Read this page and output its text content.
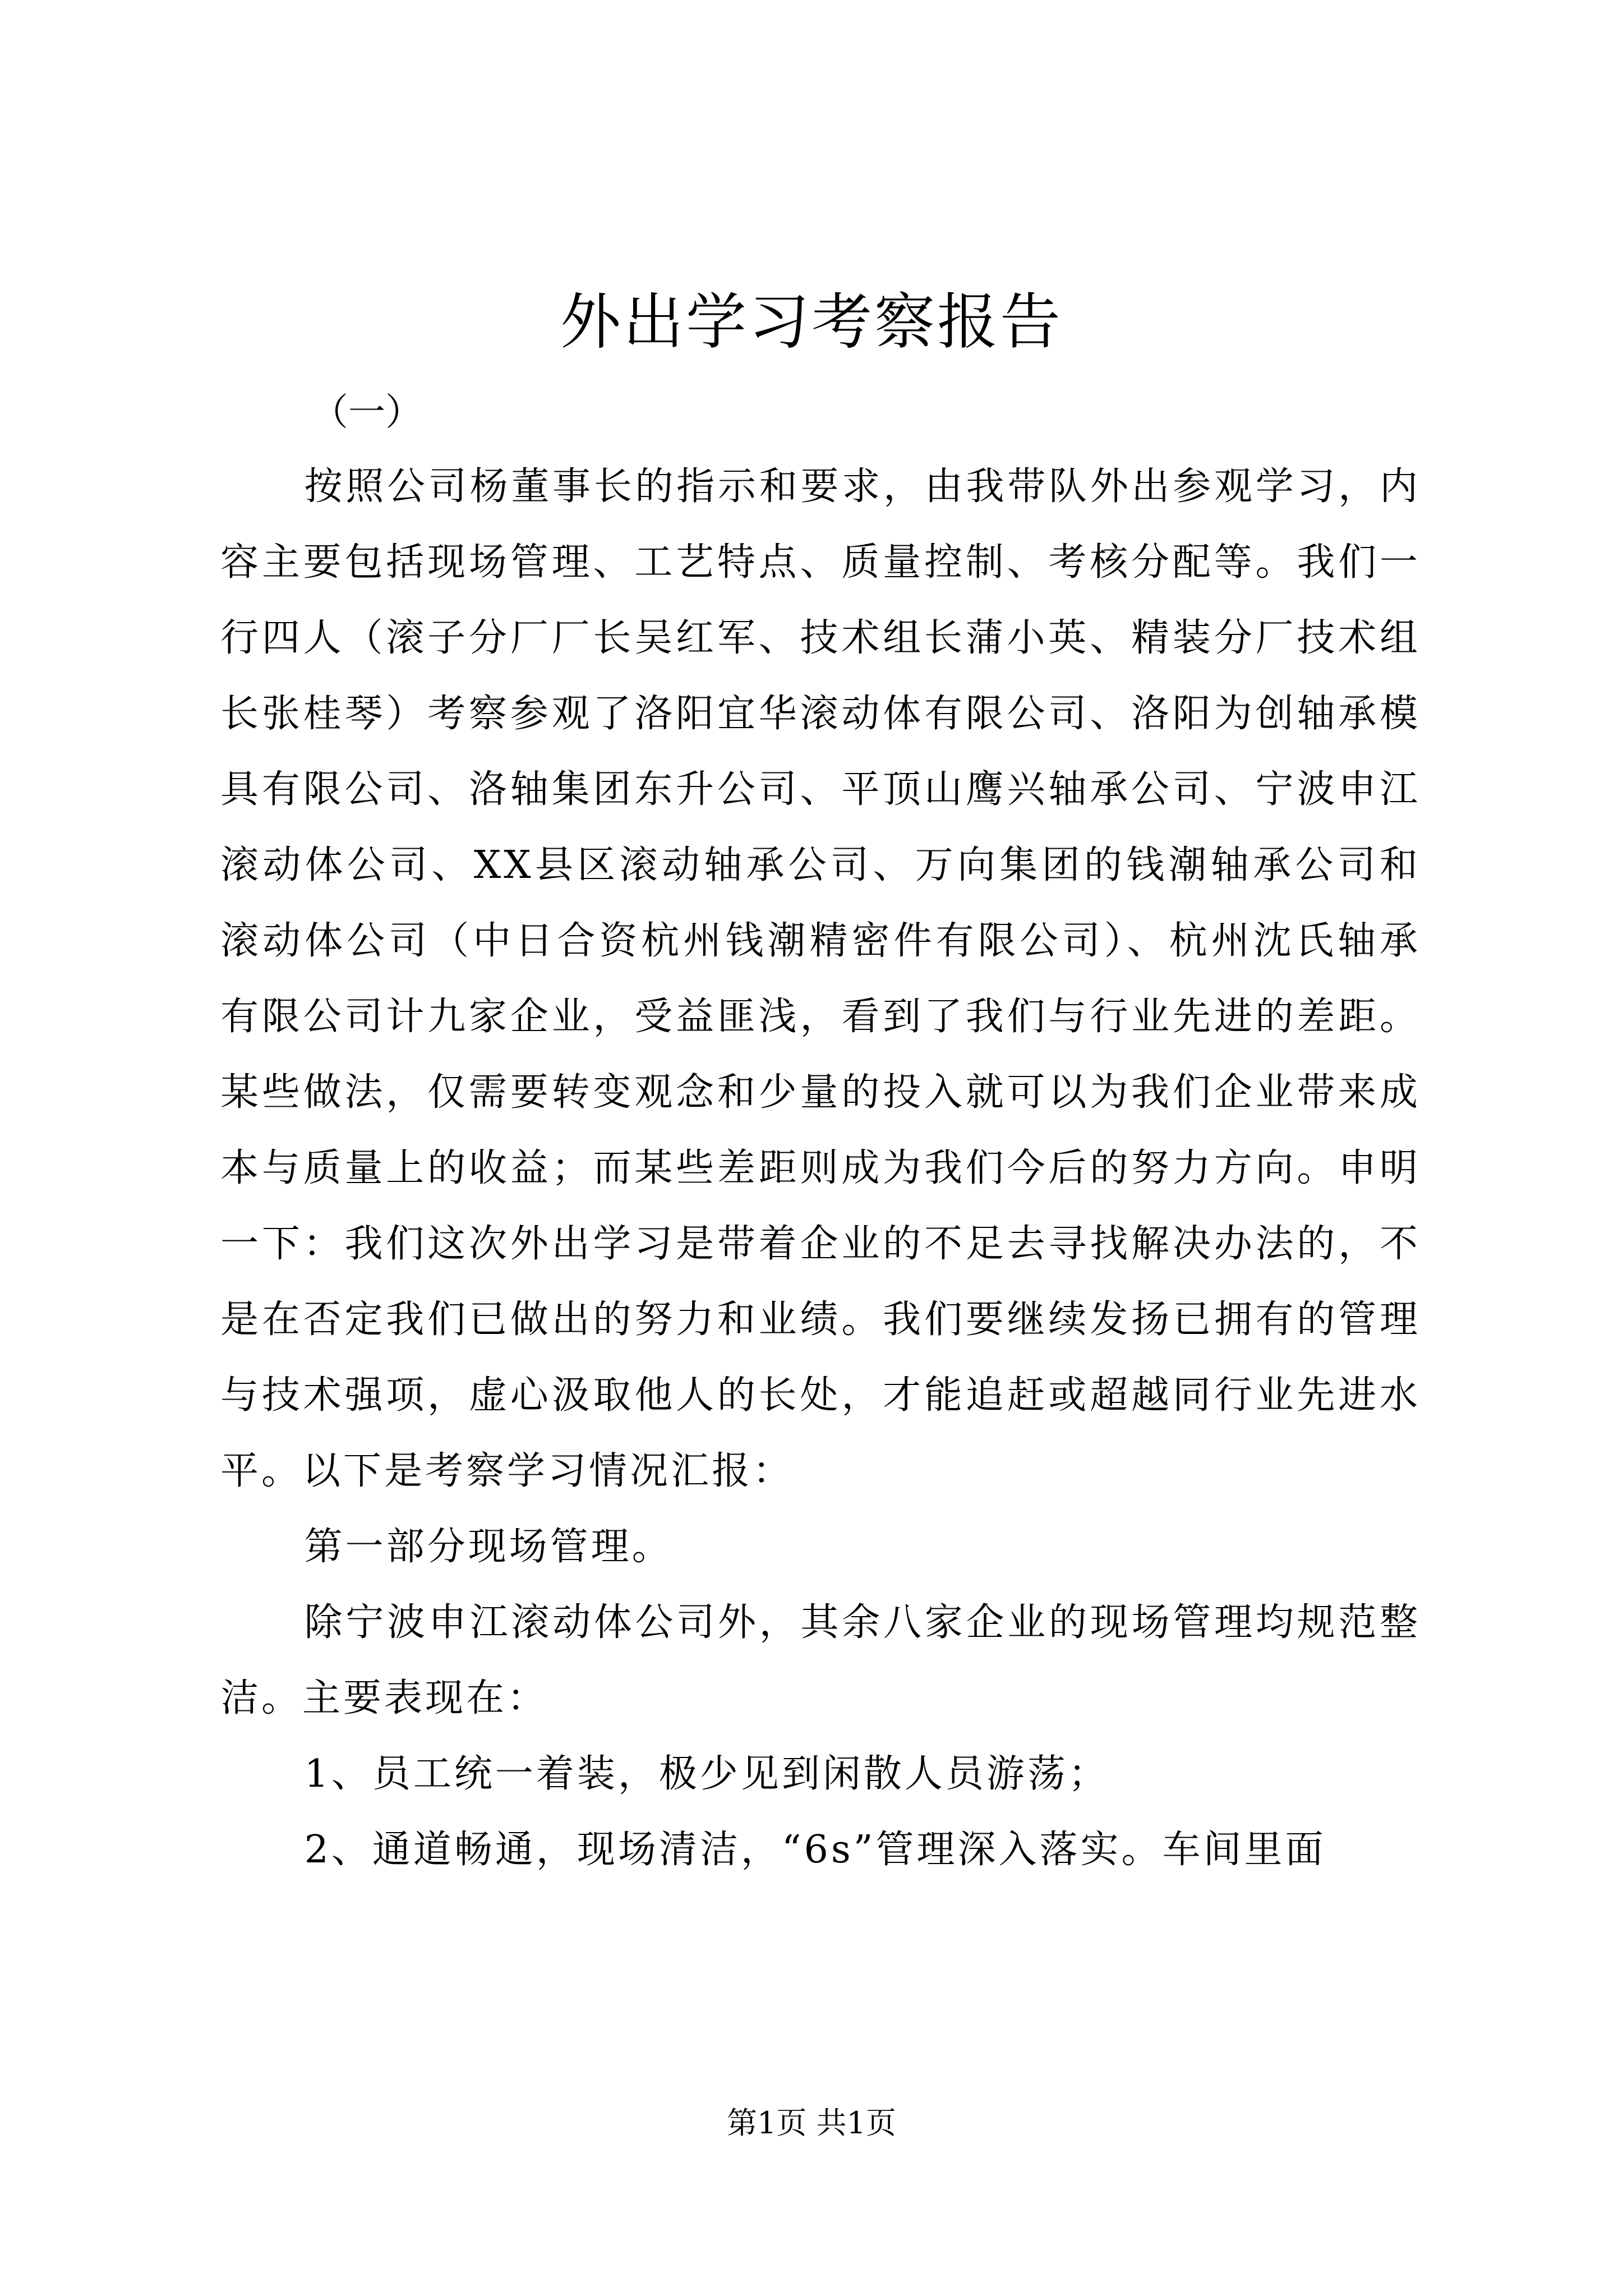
外出学习考察报告
（一）

按照公司杨董事长的指示和要求，由我带队外出参观学习，内容主要包括现场管理、工艺特点、质量控制、考核分配等。我们一行四人（滚子分厂厂长吴红军、技术组长蒲小英、精装分厂技术组长张桂琴）考察参观了洛阳宜华滚动体有限公司、洛阳为创轴承模具有限公司、洛轴集团东升公司、平顶山鹰兴轴承公司、宁波申江滚动体公司、XX县区滚动轴承公司、万向集团的钱潮轴承公司和滚动体公司（中日合资杭州钱潮精密件有限公司）、杭州沈氏轴承有限公司计九家企业，受益匪浅，看到了我们与行业先进的差距。某些做法，仅需要转变观念和少量的投入就可以为我们企业带来成本与质量上的收益；而某些差距则成为我们今后的努力方向。申明一下：我们这次外出学习是带着企业的不足去寻找解决办法的，不是在否定我们已做出的努力和业绩。我们要继续发扬已拥有的管理与技术强项，虚心汲取他人的长处，才能追赶或超越同行业先进水平。以下是考察学习情况汇报：

第一部分现场管理。

除宁波申江滚动体公司外，其余八家企业的现场管理均规范整洁。主要表现在：

1、员工统一着装，极少见到闲散人员游荡；

2、通道畅通，现场清洁，“6s”管理深入落实。车间里面

第1页 共1页
